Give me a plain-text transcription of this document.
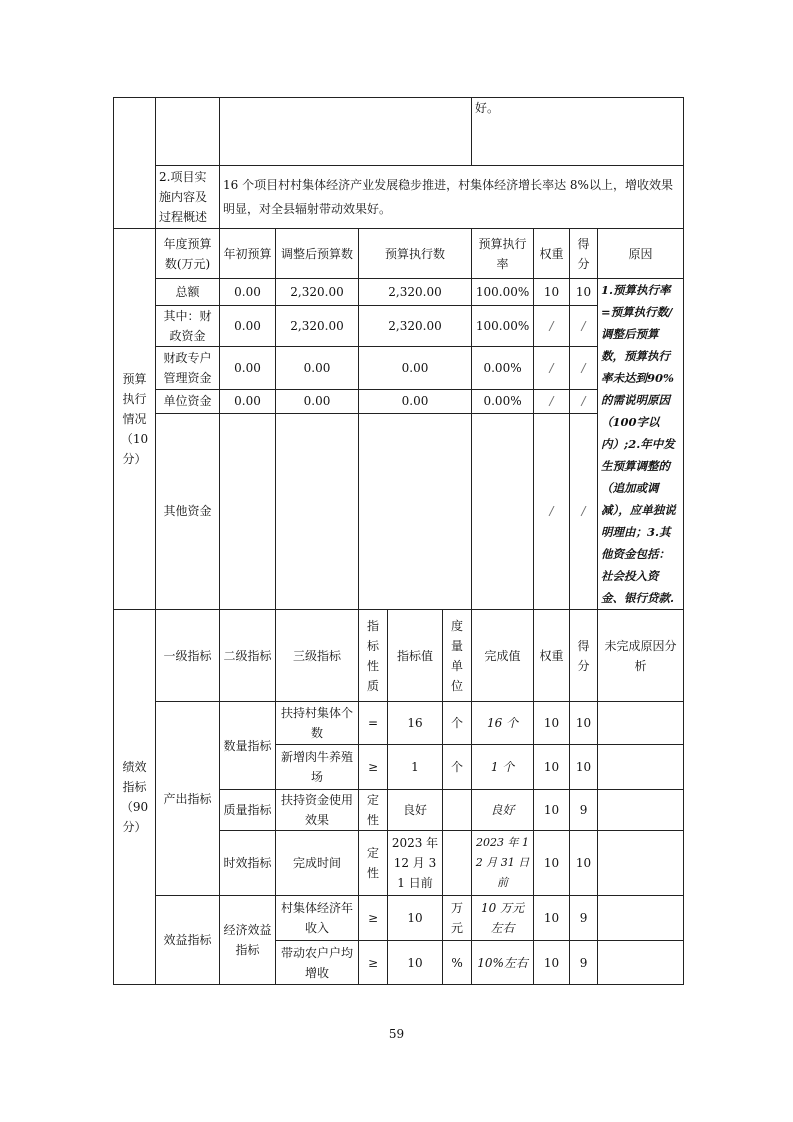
							好。			
	2.项目实施内容及过程概述	16 个项目村村集体经济产业发展稳步推进，村集体经济增长率达 8%以上，增收效果明显，对全县辐射带动效果好。								
预算执行情况（10分）	年度预算数(万元)	年初预算	调整后预算数	预算执行数			预算执行率	权重	得分	原因
	总额	0.00	2,320.00	2,320.00			100.00%	10	10	1.预算执行率=预算执行数/调整后预算数，预算执行率未达到90%的需说明原因（100字以内）;2.年中发生预算调整的（追加或调减），应单独说明理由；3.其他资金包括：社会投入资金、银行贷款.
	其中：财政资金	0.00	2,320.00	2,320.00			100.00%	/	/	
	财政专户管理资金	0.00	0.00	0.00			0.00%	/	/	
	单位资金	0.00	0.00	0.00			0.00%	/	/	
	其他资金							/	/	
绩效指标（90分）	一级指标	二级指标	三级指标	指标性质	指标值	度量单位	完成值	权重	得分	未完成原因分析
	产出指标	数量指标	扶持村集体个数	=	16	个	16 个	10	10	
			新增肉牛养殖场	≥	1	个	1 个	10	10	
		质量指标	扶持资金使用效果	定性	良好		良好	10	9	
		时效指标	完成时间	定性	2023 年 12 月 31 日前		2023 年 12 月 31 日前	10	10	
	效益指标	经济效益指标	村集体经济年收入	≥	10	万元	10 万元左右	10	9	
			带动农户户均增收	≥	10	%	10%左右	10	9	
59
